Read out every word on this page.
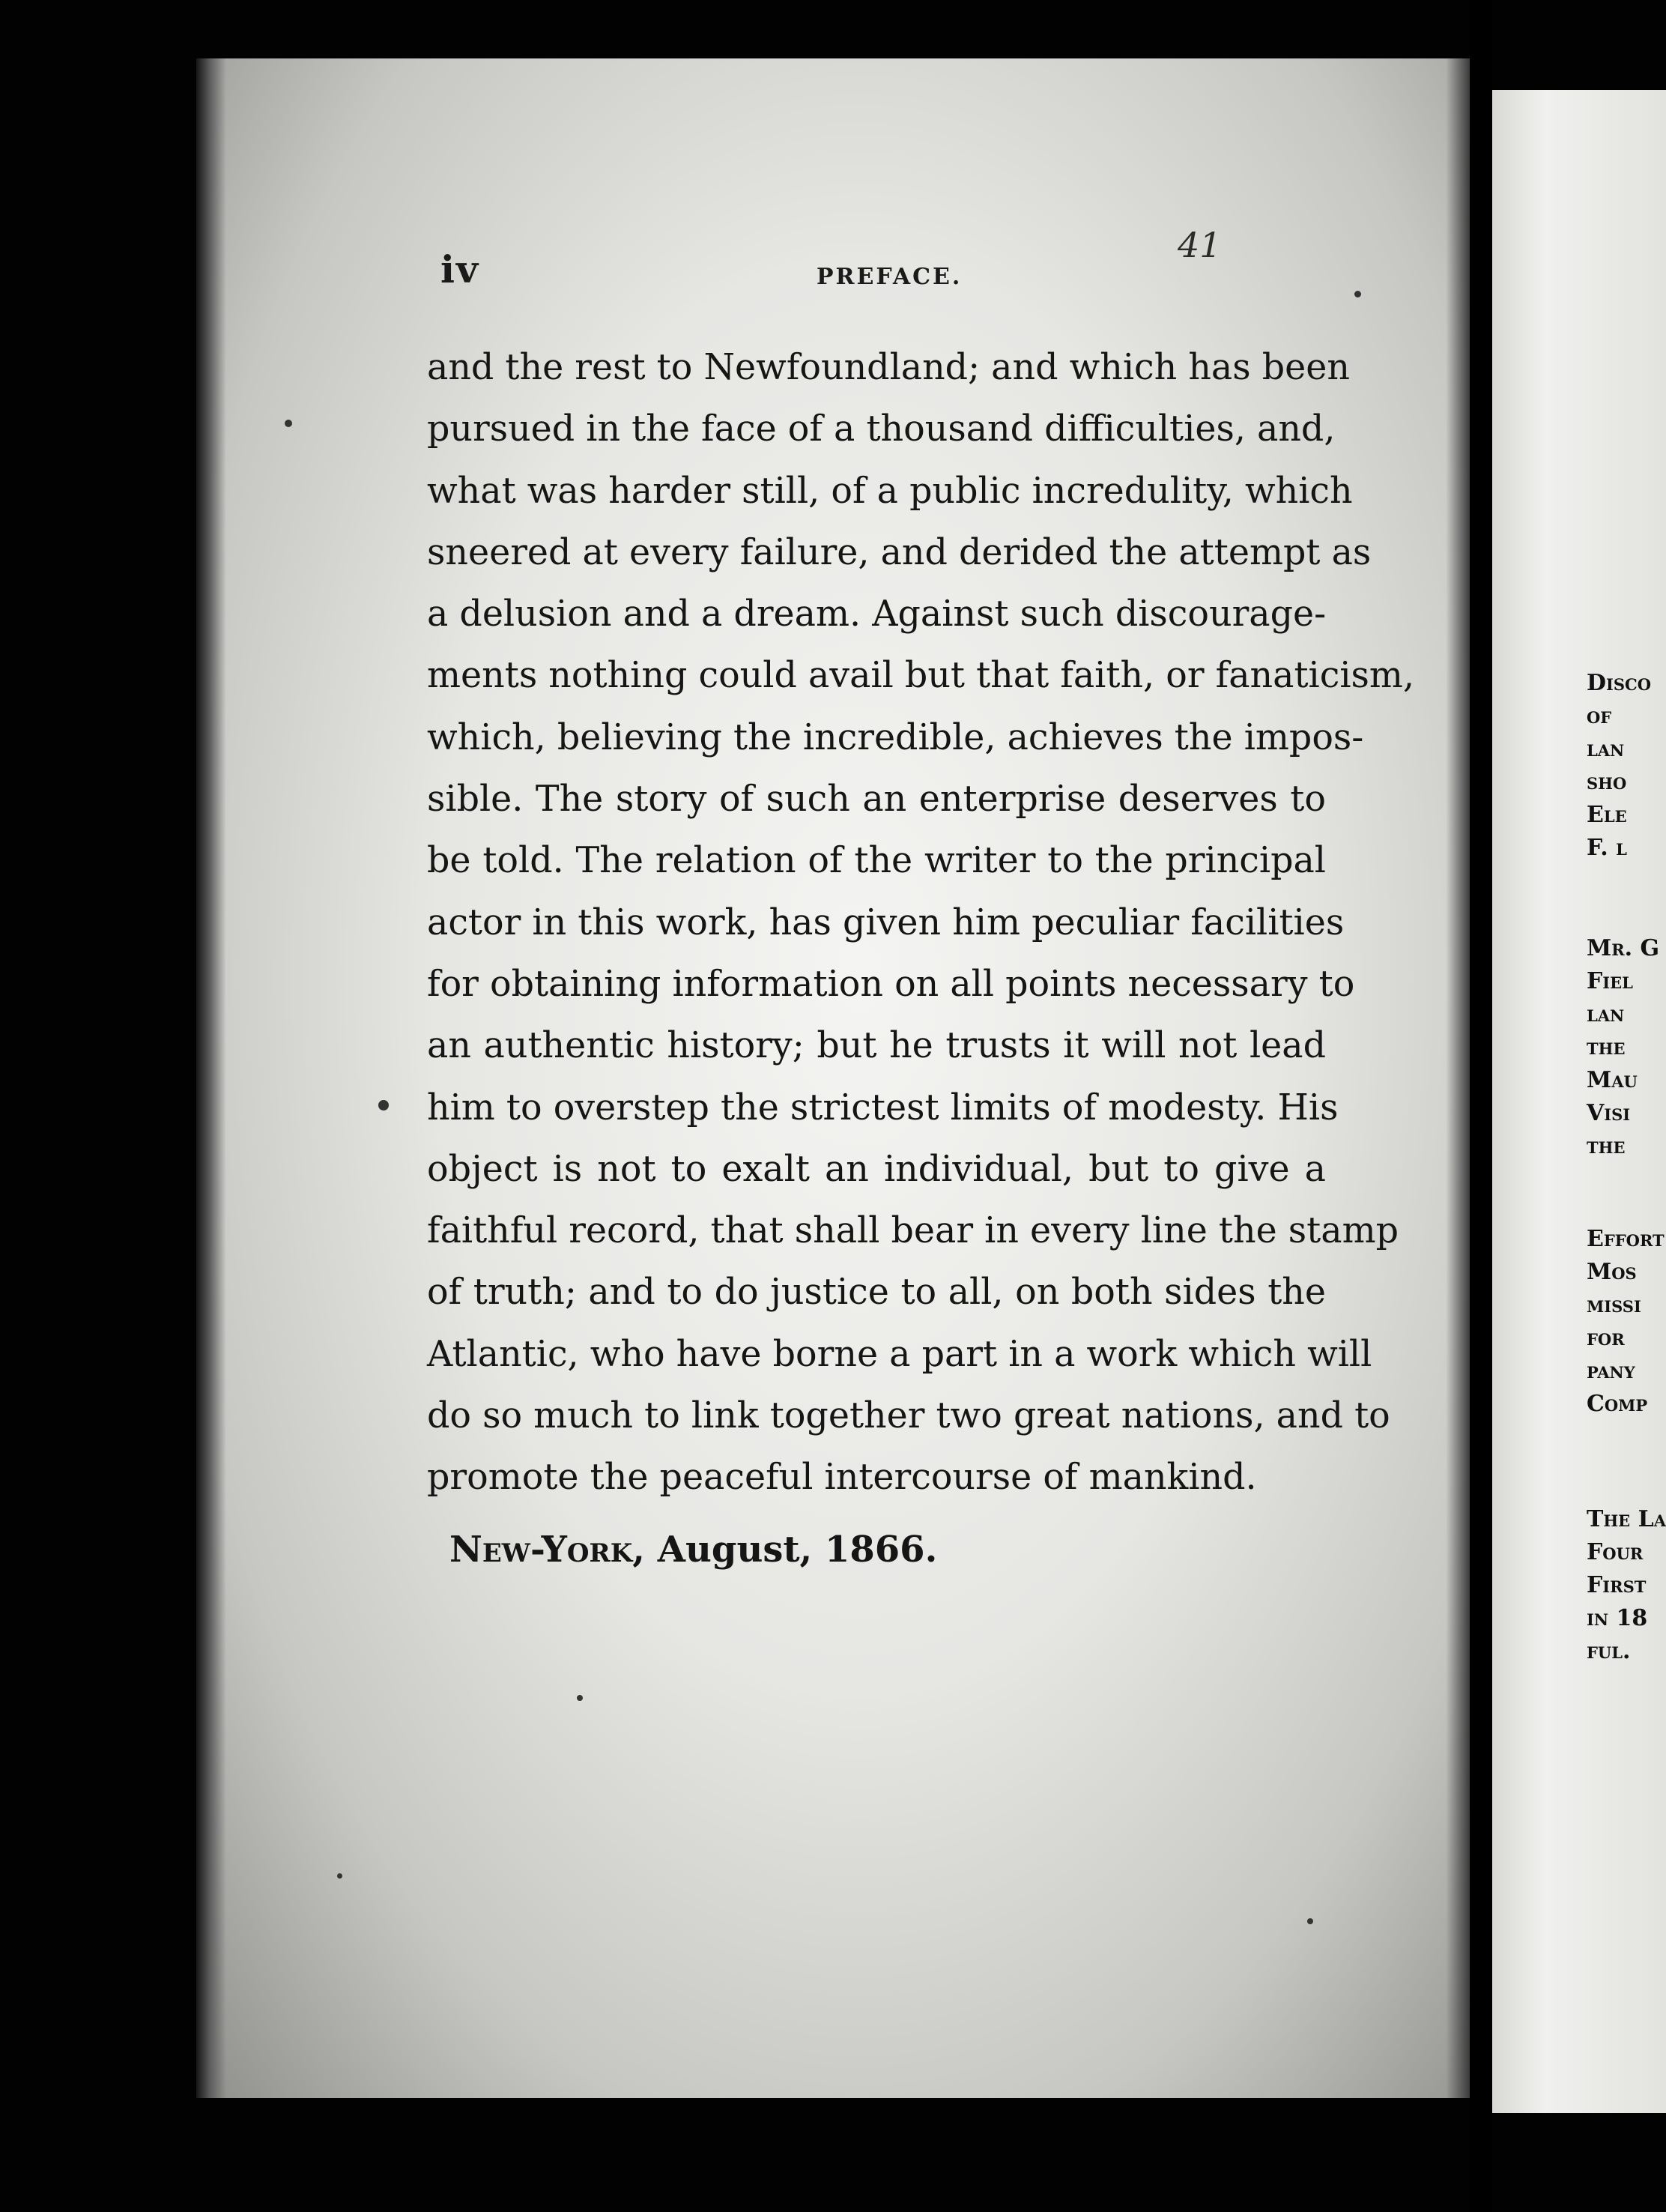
iv	PREFACE.
41
and the rest to Newfoundland; and which has been
pursued in the face of a thousand difficulties, and,
what was harder still, of a public incredulity, which
sneered at every failure, and derided the attempt as
a delusion and a dream. Against such discourage-
ments nothing could avail but that faith, or fanaticism,
which, believing the incredible, achieves the impos-
sible. The story of such an enterprise deserves to
be told. The relation of the writer to the principal
actor in this work, has given him peculiar facilities
for obtaining information on all points necessary to
an authentic history; but he trusts it will not lead
him to overstep the strictest limits of modesty. His
object is not to exalt an individual, but to give a
faithful record, that shall bear in every line the stamp
of truth; and to do justice to all, on both sides the
Atlantic, who have borne a part in a work which will
do so much to link together two great nations, and to
promote the peaceful intercourse of mankind.
New-York, August, 1866.
Disco
of
lan
sho
Ele
F. l
Mr. G
Fiel
lan
the
Mau
Visi
the
Effort
Mos
missi
for
pany
Comp
The La
Four
First
in 18
ful.
